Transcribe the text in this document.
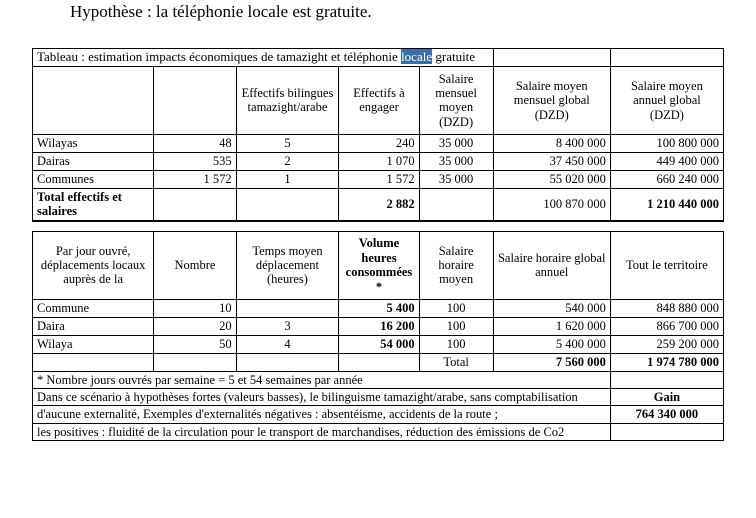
Hypothèse : la téléphonie locale est gratuite.
Tableau : estimation impacts économiques de tamazight et téléphonie locale gratuite						
		Effectifs bilingues tamazight/arabe	Effectifs à engager	Salaire mensuel moyen (DZD)	Salaire moyen mensuel global (DZD)	Salaire moyen annuel global (DZD)
Wilayas	48	5	240	35 000	8 400 000	100 800 000
Dairas	535	2	1 070	35 000	37 450 000	449 400 000
Communes	1 572	1	1 572	35 000	55 020 000	660 240 000
Total effectifs et salaires			2 882		100 870 000	1 210 440 000

Par jour ouvré, déplacements locaux auprès de la	Nombre	Temps moyen déplacement (heures)	Volume heures consommées *	Salaire horaire moyen	Salaire horaire global annuel	Tout le territoire
Commune	10		5 400	100	540 000	848 880 000
Daira	20	3	16 200	100	1 620 000	866 700 000
Wilaya	50	4	54 000	100	5 400 000	259 200 000
				Total	7 560 000	1 974 780 000
* Nombre jours ouvrés par semaine = 5 et 54 semaines par année						
Dans ce scénario à hypothèses fortes (valeurs basses), le bilinguisme tamazight/arabe, sans comptabilisation						Gain
d'aucune externalité, Exemples d'externalités négatives : absentéisme, accidents de la route ;						764 340 000
les positives : fluidité de la circulation pour le transport de marchandises, réduction des émissions de Co2						
